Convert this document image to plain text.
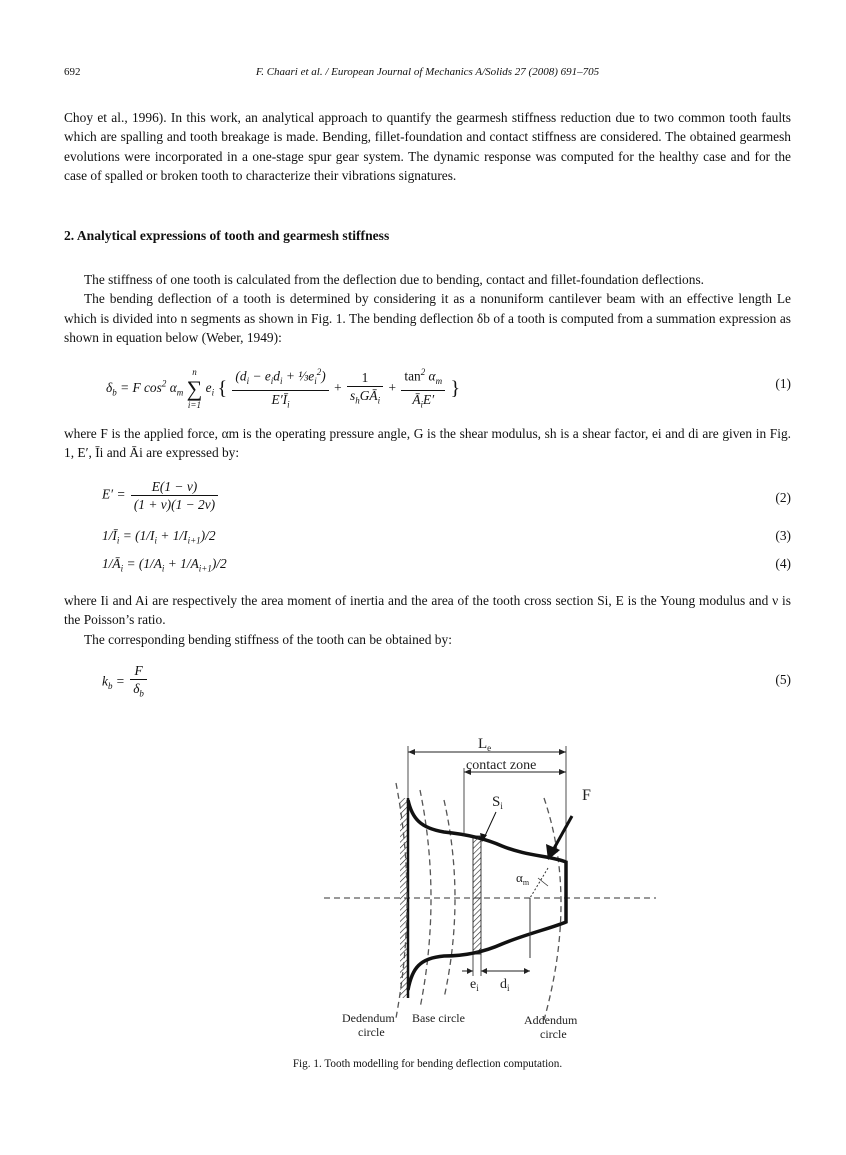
692	F. Chaari et al. / European Journal of Mechanics A/Solids 27 (2008) 691–705

Choy et al., 1996). In this work, an analytical approach to quantify the gearmesh stiffness reduction due to two common tooth faults which are spalling and tooth breakage is made. Bending, fillet-foundation and contact stiffness are considered. The obtained gearmesh evolutions were incorporated in a one-stage spur gear system. The dynamic response was computed for the healthy case and for the case of spalled or broken tooth to characterize their vibrations signatures.

2. Analytical expressions of tooth and gearmesh stiffness

The stiffness of one tooth is calculated from the deflection due to bending, contact and fillet-foundation deflections.

The bending deflection of a tooth is determined by considering it as a nonuniform cantilever beam with an effective length Le which is divided into n segments as shown in Fig. 1. The bending deflection δb of a tooth is computed from a summation expression as shown in equation below (Weber, 1949):

$\delta_b = F$ $\cos^2 \alpha_m$
n
∑
i=1
$e_i$ { $\frac{(d_i - e_id_i + \frac{1}{3}e_i^2)}{E'Ī_i} + \frac{1}{s_hGĀ_i} + \frac{\tan^2 \alpha_m}{Ā_iE'}$ }	(1)

where F is the applied force, αm is the operating pressure angle, G is the shear modulus, sh is a shear factor, ei and di are given in Fig. 1, E′, Īi and Āi are expressed by:

$E' = \frac{E(1 - \nu)}{(1 + \nu)(1 - 2\nu)}$	(2)
$1/Ī_i = (1/I_i + 1/I_{i+1})/2$	(3)
$1/Ā_i = (1/A_i + 1/A_{i+1})/2$	(4)

where Ii and Ai are respectively the area moment of inertia and the area of the tooth cross section Si, E is the Young modulus and ν is the Poisson’s ratio.

The corresponding bending stiffness of the tooth can be obtained by:

$k_b = \frac{F}{\delta_b}$	(5)
$L_e$
contact zone
$S_i$
F
$\alpha_m$
$e_i$ $d_i$
Dedendum
circle
Base circle	Addendum
circle
Fig. 1. Tooth modelling for bending deflection computation.
